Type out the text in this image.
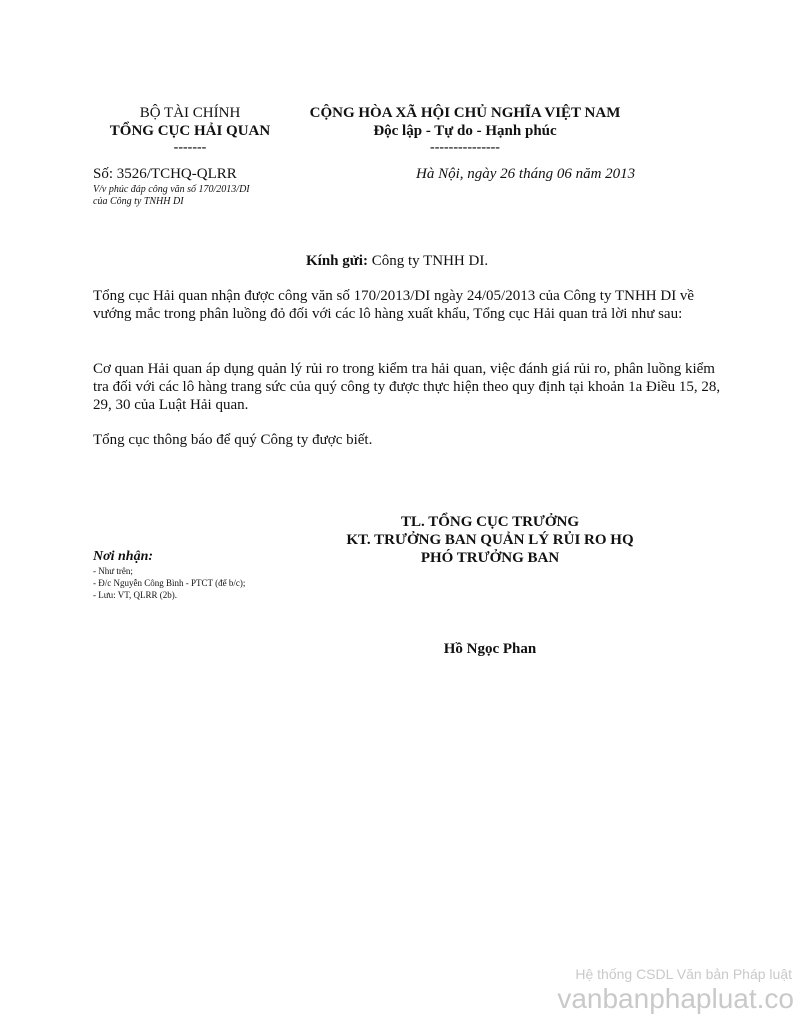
BỘ TÀI CHÍNH
TỔNG CỤC HẢI QUAN
-------
CỘNG HÒA XÃ HỘI CHỦ NGHĨA VIỆT NAM
Độc lập - Tự do - Hạnh phúc
---------------
Số: 3526/TCHQ-QLRR
V/v phúc đáp công văn số 170/2013/DI
của Công ty TNHH DI
Hà Nội, ngày 26 tháng 06 năm 2013
Kính gửi: Công ty TNHH DI.
Tổng cục Hải quan nhận được công văn số 170/2013/DI ngày 24/05/2013 của Công ty TNHH DI về vướng mắc trong phân luồng đỏ đối với các lô hàng xuất khẩu, Tổng cục Hải quan trả lời như sau:
Cơ quan Hải quan áp dụng quản lý rủi ro trong kiểm tra hải quan, việc đánh giá rủi ro, phân luồng kiểm tra đối với các lô hàng trang sức của quý công ty được thực hiện theo quy định tại khoản 1a Điều 15, 28, 29, 30 của Luật Hải quan.
Tổng cục thông báo để quý Công ty được biết.
TL. TỔNG CỤC TRƯỞNG
KT. TRƯỞNG BAN QUẢN LÝ RỦI RO HQ
PHÓ TRƯỞNG BAN
Hồ Ngọc Phan
Nơi nhận:
- Như trên;
- Đ/c Nguyễn Công Bình - PTCT (để b/c);
- Lưu: VT, QLRR (2b).
Hệ thống CSDL Văn bản Pháp luật
vanbanphapluat.co
